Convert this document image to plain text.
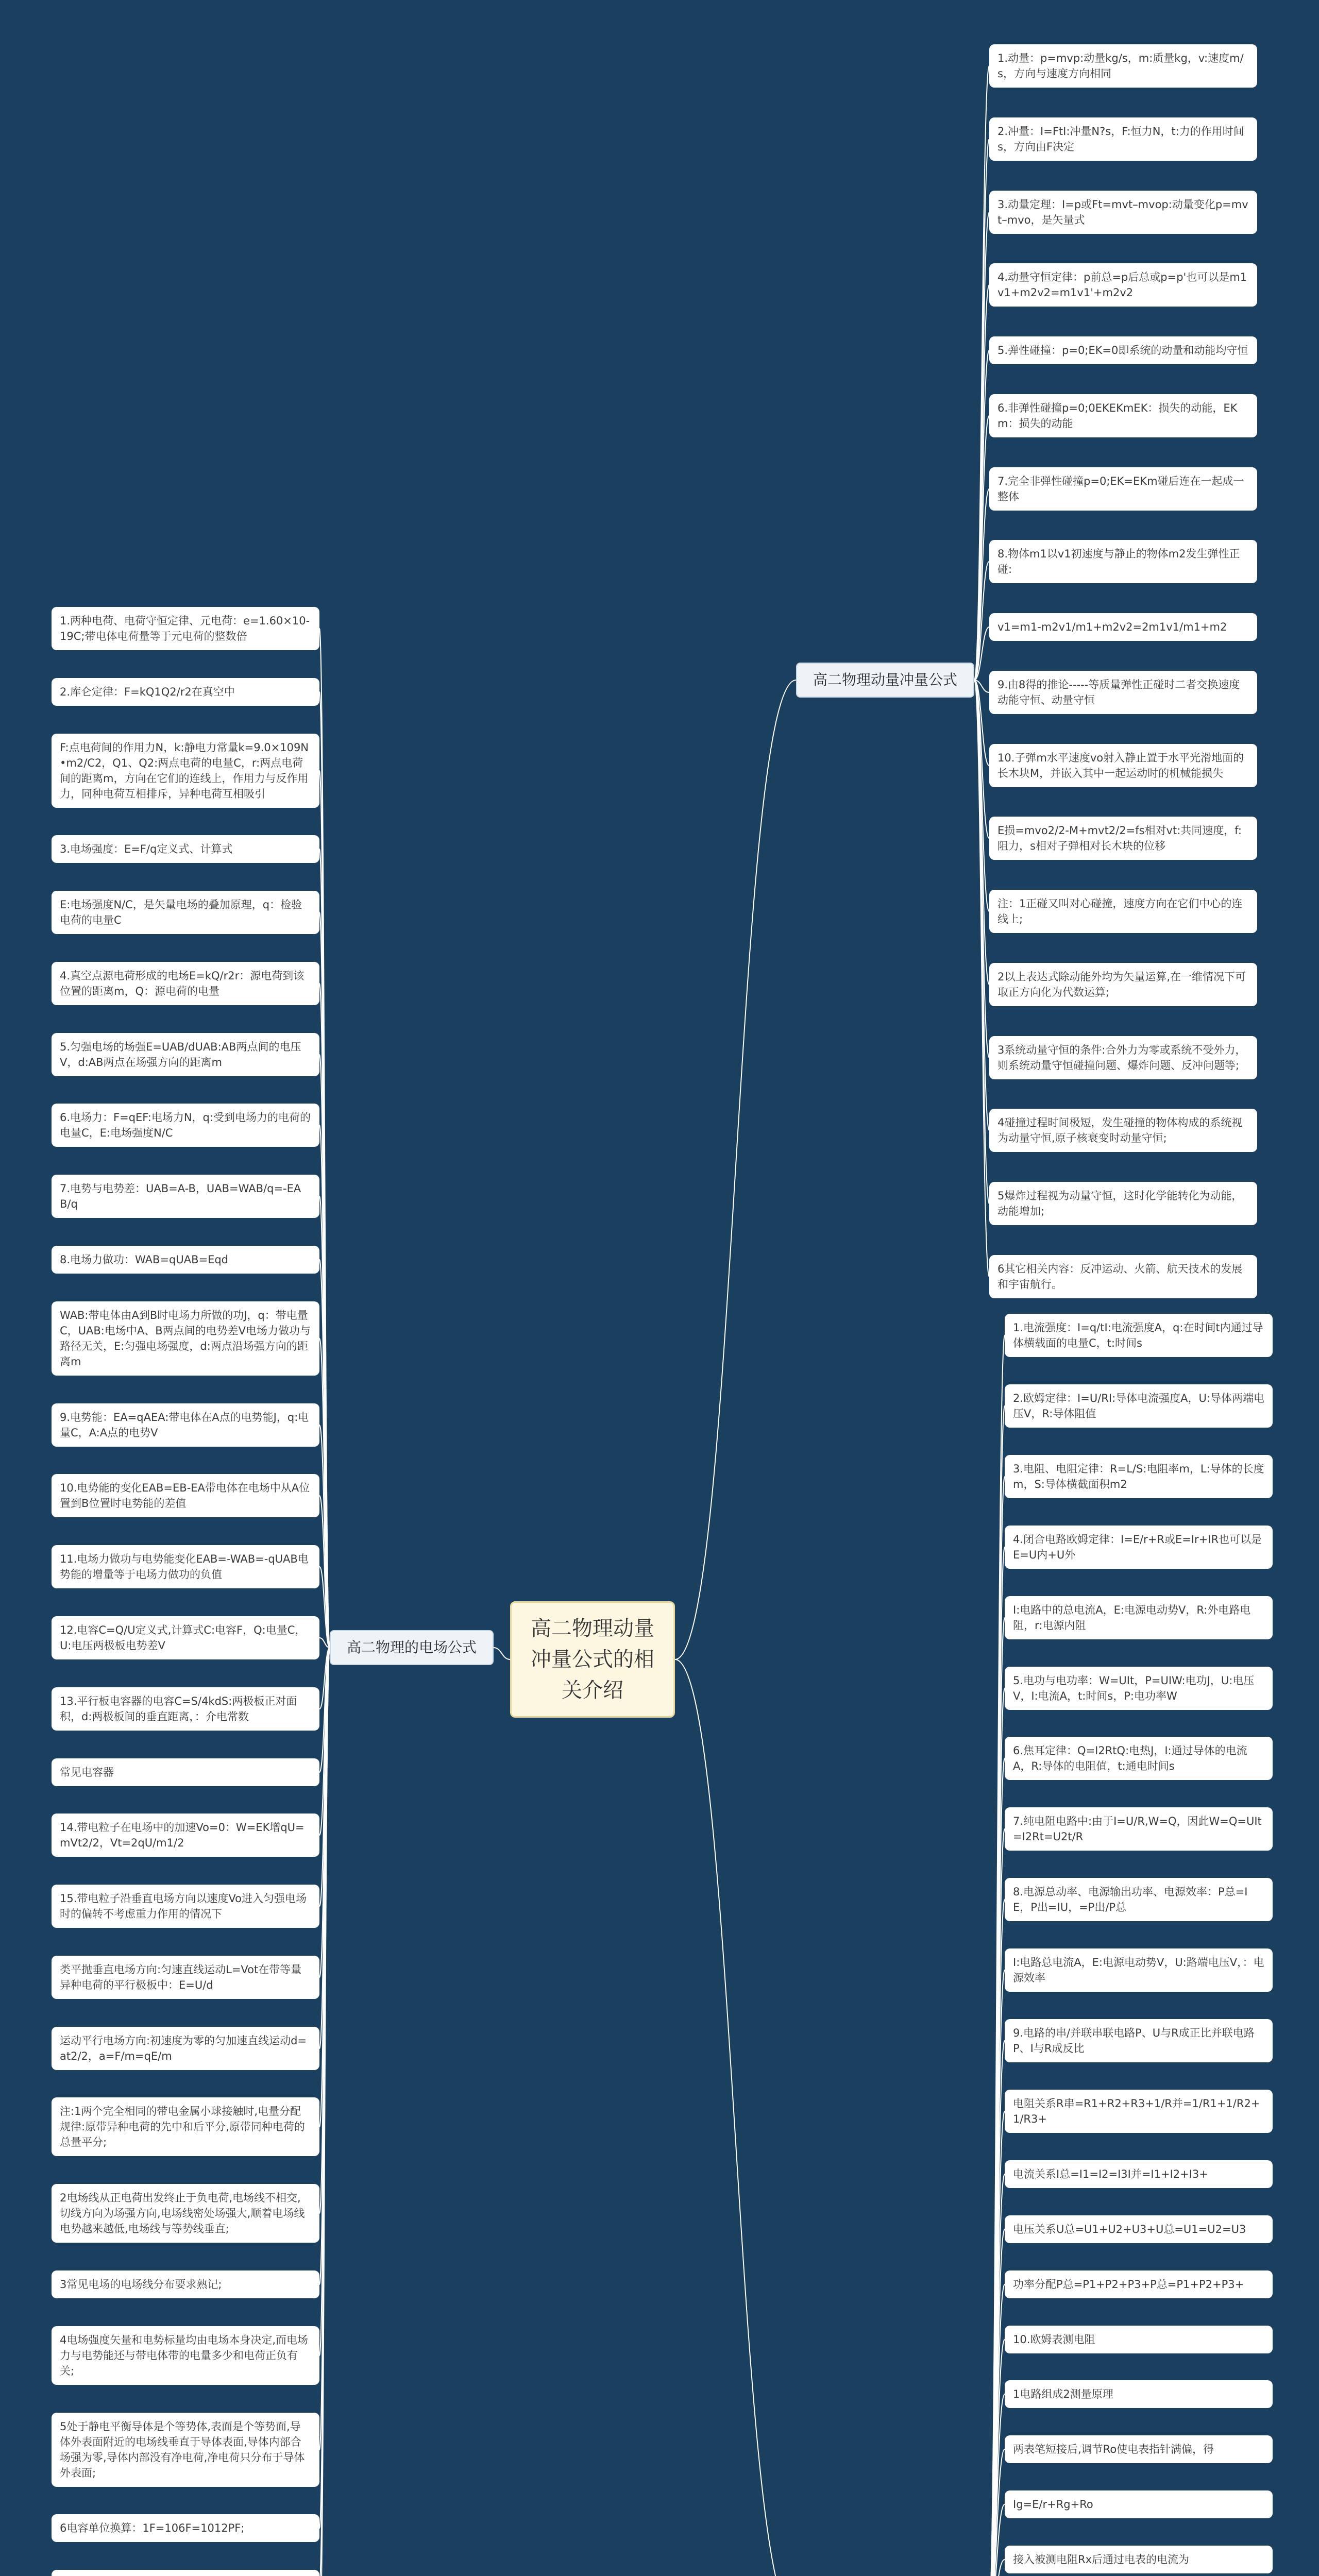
高二物理动量冲量公式的相关介绍
高二物理的电场公式
高二物理动量冲量公式
1.两种电荷、电荷守恒定律、元电荷：e=1.60×10-19C;带电体电荷量等于元电荷的整数倍
2.库仑定律：F=kQ1Q2/r2在真空中
F:点电荷间的作用力N，k:静电力常量k=9.0×109N•m2/C2，Q1、Q2:两点电荷的电量C，r:两点电荷间的距离m，方向在它们的连线上，作用力与反作用力，同种电荷互相排斥，异种电荷互相吸引
3.电场强度：E=F/q定义式、计算式
E:电场强度N/C，是矢量电场的叠加原理，q：检验电荷的电量C
4.真空点源电荷形成的电场E=kQ/r2r：源电荷到该位置的距离m，Q：源电荷的电量
5.匀强电场的场强E=UAB/dUAB:AB两点间的电压V，d:AB两点在场强方向的距离m
6.电场力：F=qEF:电场力N，q:受到电场力的电荷的电量C，E:电场强度N/C
7.电势与电势差：UAB=A-B，UAB=WAB/q=-EAB/q
8.电场力做功：WAB=qUAB=Eqd
WAB:带电体由A到B时电场力所做的功J，q：带电量C，UAB:电场中A、B两点间的电势差V电场力做功与路径无关，E:匀强电场强度，d:两点沿场强方向的距离m
9.电势能：EA=qAEA:带电体在A点的电势能J，q:电量C，A:A点的电势V
10.电势能的变化EAB=EB-EA带电体在电场中从A位置到B位置时电势能的差值
11.电场力做功与电势能变化EAB=-WAB=-qUAB电势能的增量等于电场力做功的负值
12.电容C=Q/U定义式,计算式C:电容F，Q:电量C，U:电压两极板电势差V
13.平行板电容器的电容C=S/4kdS:两极板正对面积，d:两极板间的垂直距离，：介电常数
常见电容器
14.带电粒子在电场中的加速Vo=0：W=EK增qU=mVt2/2，Vt=2qU/m1/2
15.带电粒子沿垂直电场方向以速度Vo进入匀强电场时的偏转不考虑重力作用的情况下
类平抛垂直电场方向:匀速直线运动L=Vot在带等量异种电荷的平行极板中：E=U/d
运动平行电场方向:初速度为零的匀加速直线运动d=at2/2，a=F/m=qE/m
注:1两个完全相同的带电金属小球接触时,电量分配规律:原带异种电荷的先中和后平分,原带同种电荷的总量平分;
2电场线从正电荷出发终止于负电荷,电场线不相交,切线方向为场强方向,电场线密处场强大,顺着电场线电势越来越低,电场线与等势线垂直;
3常见电场的电场线分布要求熟记;
4电场强度矢量和电势标量均由电场本身决定,而电场力与电势能还与带电体带的电量多少和电荷正负有关;
5处于静电平衡导体是个等势体,表面是个等势面,导体外表面附近的电场线垂直于导体表面,导体内部合场强为零,导体内部没有净电荷,净电荷只分布于导体外表面;
6电容单位换算：1F=106F=1012PF;
1.动量：p=mvp:动量kg/s，m:质量kg，v:速度m/s，方向与速度方向相同
2.冲量：I=FtI:冲量N?s，F:恒力N，t:力的作用时间s，方向由F决定
3.动量定理：I=p或Ft=mvt–mvop:动量变化p=mvt–mvo，是矢量式
4.动量守恒定律：p前总=p后总或p=p'也可以是m1v1+m2v2=m1v1'+m2v2
5.弹性碰撞：p=0;EK=0即系统的动量和动能均守恒
6.非弹性碰撞p=0;0EKEKmEK：损失的动能，EKm：损失的动能
7.完全非弹性碰撞p=0;EK=EKm碰后连在一起成一整体
8.物体m1以v1初速度与静止的物体m2发生弹性正碰:
v1=m1-m2v1/m1+m2v2=2m1v1/m1+m2
9.由8得的推论-----等质量弹性正碰时二者交换速度动能守恒、动量守恒
10.子弹m水平速度vo射入静止置于水平光滑地面的长木块M，并嵌入其中一起运动时的机械能损失
E损=mvo2/2-M+mvt2/2=fs相对vt:共同速度，f:阻力，s相对子弹相对长木块的位移
注：1正碰又叫对心碰撞，速度方向在它们中心的连线上;
2以上表达式除动能外均为矢量运算,在一维情况下可取正方向化为代数运算;
3系统动量守恒的条件:合外力为零或系统不受外力，则系统动量守恒碰撞问题、爆炸问题、反冲问题等;
4碰撞过程时间极短，发生碰撞的物体构成的系统视为动量守恒,原子核衰变时动量守恒;
5爆炸过程视为动量守恒，这时化学能转化为动能，动能增加;
6其它相关内容：反冲运动、火箭、航天技术的发展和宇宙航行。
1.电流强度：I=q/tI:电流强度A，q:在时间t内通过导体横载面的电量C，t:时间s
2.欧姆定律：I=U/RI:导体电流强度A，U:导体两端电压V，R:导体阻值
3.电阻、电阻定律：R=L/S:电阻率m，L:导体的长度m，S:导体横截面积m2
4.闭合电路欧姆定律：I=E/r+R或E=Ir+IR也可以是E=U内+U外
I:电路中的总电流A，E:电源电动势V，R:外电路电阻，r:电源内阻
5.电功与电功率：W=UIt，P=UIW:电功J，U:电压V，I:电流A，t:时间s，P:电功率W
6.焦耳定律：Q=I2RtQ:电热J，I:通过导体的电流A，R:导体的电阻值，t:通电时间s
7.纯电阻电路中:由于I=U/R,W=Q，因此W=Q=UIt=I2Rt=U2t/R
8.电源总动率、电源输出功率、电源效率：P总=IE，P出=IU，=P出/P总
I:电路总电流A，E:电源电动势V，U:路端电压V，：电源效率
9.电路的串/并联串联电路P、U与R成正比并联电路P、I与R成反比
电阻关系R串=R1+R2+R3+1/R并=1/R1+1/R2+1/R3+
电流关系I总=I1=I2=I3I并=I1+I2+I3+
电压关系U总=U1+U2+U3+U总=U1=U2=U3
功率分配P总=P1+P2+P3+P总=P1+P2+P3+
10.欧姆表测电阻
1电路组成2测量原理
两表笔短接后,调节Ro使电表指针满偏，得
Ig=E/r+Rg+Ro
接入被测电阻Rx后通过电表的电流为
